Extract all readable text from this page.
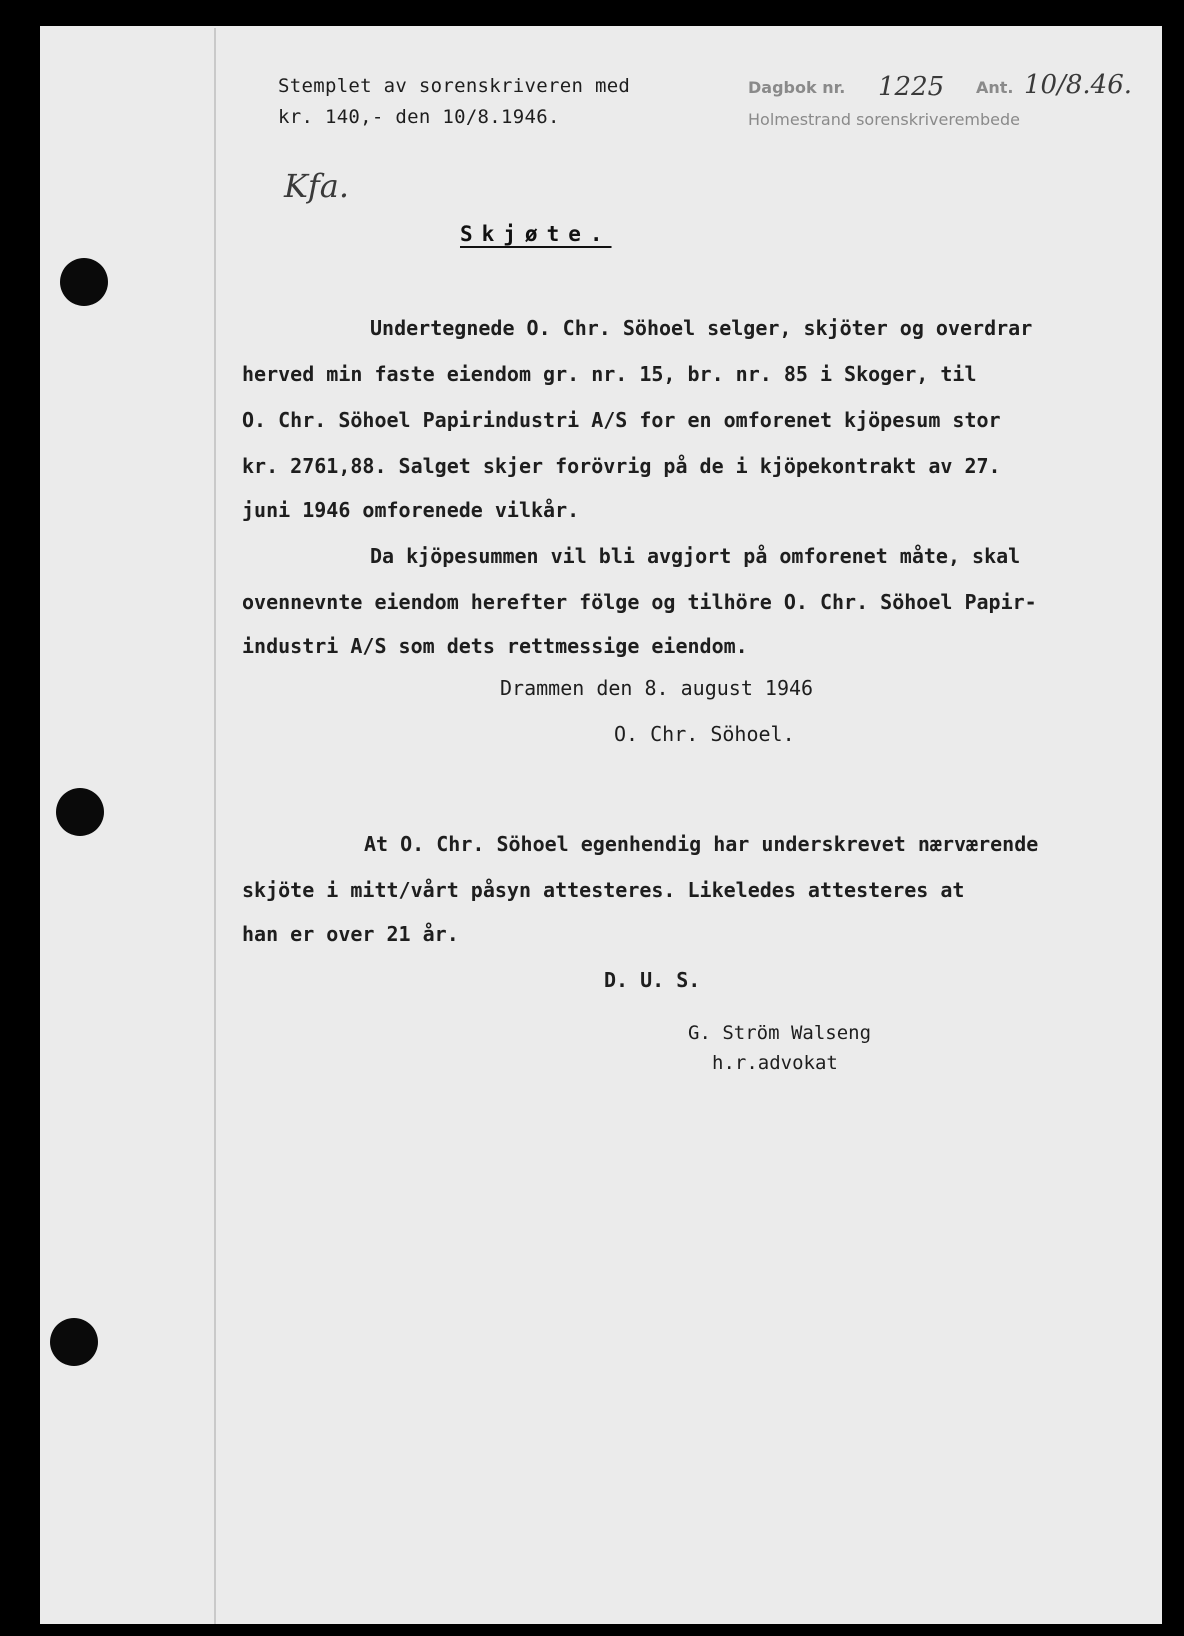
Stemplet av sorenskriveren med
kr. 140,- den 10/8.1946.
Dagbok nr. 1225 Ant. 10/8.46.
Holmestrand sorenskriverembede
Kfa.
Skjøte.
Undertegnede O. Chr. Söhoel selger, skjöter og overdrar
herved min faste eiendom gr. nr. 15, br. nr. 85 i Skoger, til
O. Chr. Söhoel Papirindustri A/S for en omforenet kjöpesum stor
kr. 2761,88. Salget skjer forövrig på de i kjöpekontrakt av 27.
juni 1946 omforenede vilkår.
Da kjöpesummen vil bli avgjort på omforenet måte, skal
ovennevnte eiendom herefter fölge og tilhöre O. Chr. Söhoel Papir-
industri A/S som dets rettmessige eiendom.
Drammen den 8. august 1946
O. Chr. Söhoel.
At O. Chr. Söhoel egenhendig har underskrevet nærværende
skjöte i mitt/vårt påsyn attesteres. Likeledes attesteres at
han er over 21 år.
D. U. S.
G. Ström Walseng
h.r.advokat
